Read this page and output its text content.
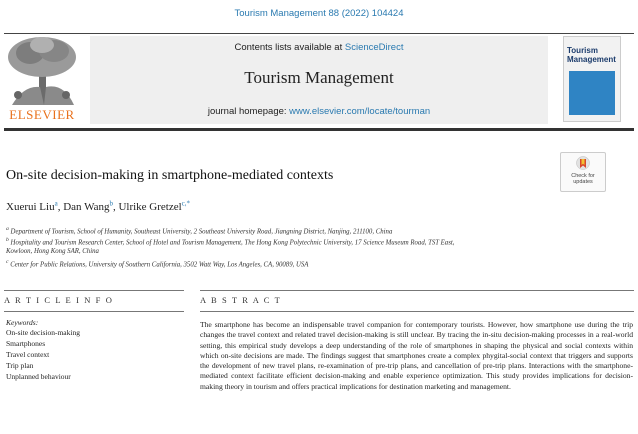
Tourism Management 88 (2022) 104424
ELSEVIER
Contents lists available at ScienceDirect
Tourism Management
journal homepage: www.elsevier.com/locate/tourman
Tourism
Management
On-site decision-making in smartphone-mediated contexts	Check for
updates
Xuerui Liu$^a$, Dan Wang$^b$, Ulrike Gretzel$^{c,*}$
$^a$ Department of Tourism, School of Humanity, Southeast University, 2 Southeast University Road, Jiangning District, Nanjing, 211100, China
$^b$ Hospitality and Tourism Research Center, School of Hotel and Tourism Management, The Hong Kong Polytechnic University, 17 Science Museum Road, TST East,
Kowloon, Hong Kong SAR, China
$^c$ Center for Public Relations, University of Southern California, 3502 Watt Way, Los Angeles, CA, 90089, USA
A R T I C L E I N F O	A B S T R A C T
Keywords:
On-site decision-making
Smartphones
Travel context
Trip plan
Unplanned behaviour
The smartphone has become an indispensable travel companion for contemporary tourists. However, how smartphone use during the trip changes the travel context and related travel decision-making is still unclear. By tracing the in-situ decision-making processes in a real-world setting, this empirical study develops a deep understanding of the role of smartphones in shaping the physical and social contexts within which on-site decisions are made. The findings suggest that smartphones create a complex phygital-social context that triggers and supports the development of new travel plans, re-examination of pre-trip plans, and cancellation of pre-trip plans. Interactions with the smartphone-mediated context facilitate efficient decision-making and enable experience optimization. This study provides implications for decision-making theory in tourism and offers practical implications for destination marketing and management.
